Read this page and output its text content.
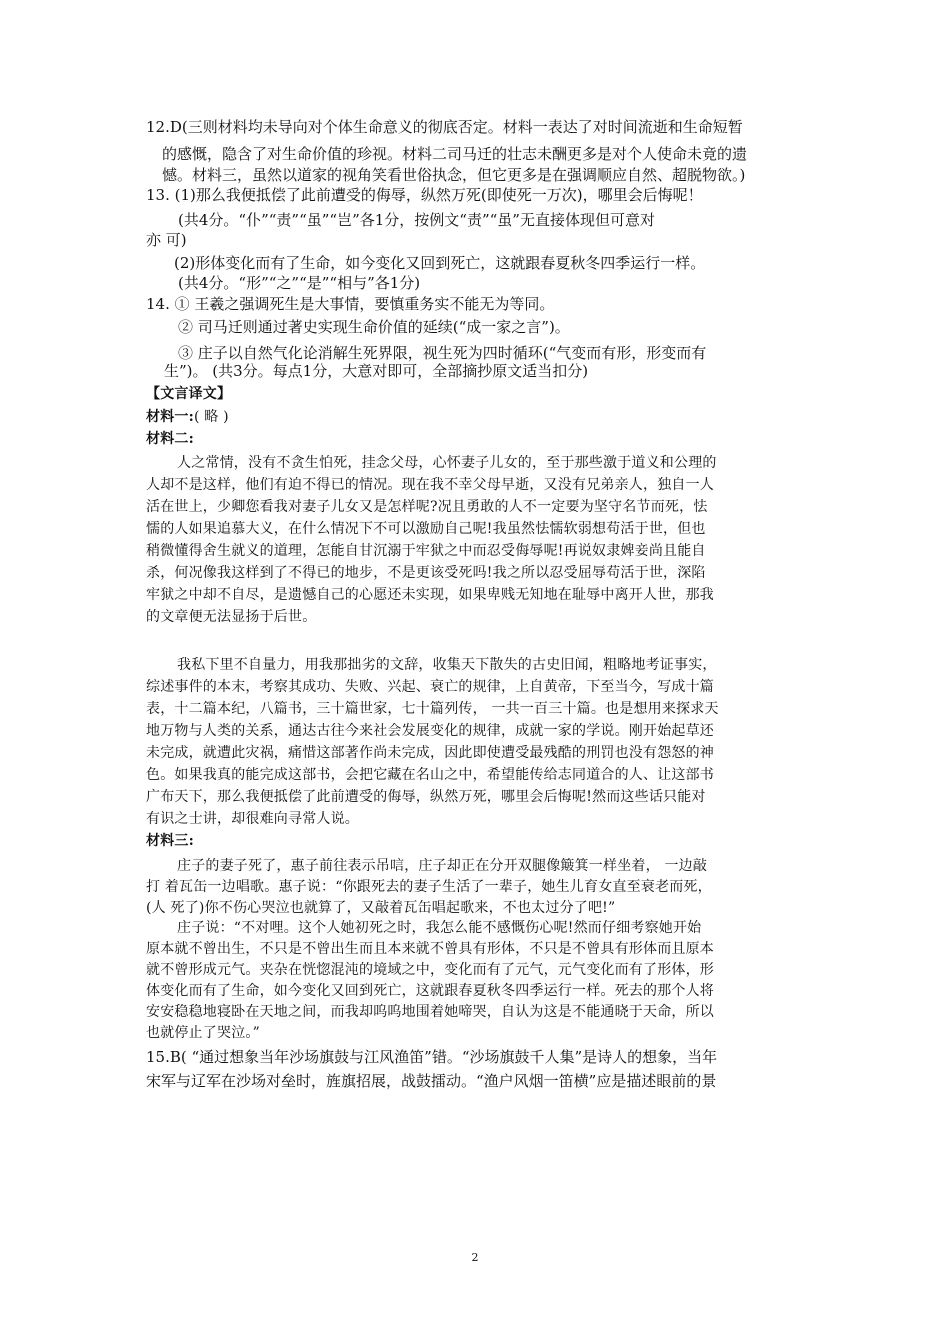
12.D(三则材料均未导向对个体生命意义的彻底否定。材料一表达了对时间流逝和生命短暂
的感慨，隐含了对生命价值的珍视。材料二司马迁的壮志未酬更多是对个人使命未竟的遗
憾。材料三，虽然以道家的视角笑看世俗执念，但它更多是在强调顺应自然、超脱物欲。)
13. (1)那么我便抵偿了此前遭受的侮辱，纵然万死(即使死一万次)，哪里会后悔呢！
(共4分。“仆”“责”“虽”“岂”各1分，按例文“责”“虽”无直接体现但可意对
亦 可)
(2)形体变化而有了生命，如今变化又回到死亡，这就跟春夏秋冬四季运行一样。
(共4分。“形”“之”“是”“相与”各1分)
14. ① 王羲之强调死生是大事情，要慎重务实不能无为等同。
② 司马迁则通过著史实现生命价值的延续(“成一家之言”)。
③ 庄子以自然气化论消解生死界限，视生死为四时循环(“气变而有形，形变而有
生”)。 (共3分。每点1分，大意对即可，全部摘抄原文适当扣分)
【文言译文】
材料一:( 略 )
材料二:
人之常情，没有不贪生怕死，挂念父母，心怀妻子儿女的，至于那些激于道义和公理的
人却不是这样，他们有迫不得已的情况。现在我不幸父母早逝，又没有兄弟亲人，独自一人
活在世上，少卿您看我对妻子儿女又是怎样呢?况且勇敢的人不一定要为坚守名节而死，怯
懦的人如果追慕大义，在什么情况下不可以激励自己呢!我虽然怯懦软弱想苟活于世，但也
稍微懂得舍生就义的道理，怎能自甘沉溺于牢狱之中而忍受侮辱呢!再说奴隶婢妾尚且能自
杀，何况像我这样到了不得已的地步，不是更该受死吗!我之所以忍受屈辱苟活于世，深陷
牢狱之中却不自尽，是遗憾自己的心愿还未实现，如果卑贱无知地在耻辱中离开人世，那我
的文章便无法显扬于后世。
我私下里不自量力，用我那拙劣的文辞，收集天下散失的古史旧闻，粗略地考证事实，
综述事件的本末，考察其成功、失败、兴起、衰亡的规律，上自黄帝，下至当今，写成十篇
表，十二篇本纪，八篇书，三十篇世家，七十篇列传， 一共一百三十篇。也是想用来探求天
地万物与人类的关系，通达古往今来社会发展变化的规律，成就一家的学说。刚开始起草还
未完成，就遭此灾祸，痛惜这部著作尚未完成，因此即使遭受最残酷的刑罚也没有怨怒的神
色。如果我真的能完成这部书，会把它藏在名山之中，希望能传给志同道合的人、让这部书
广布天下，那么我便抵偿了此前遭受的侮辱，纵然万死，哪里会后悔呢!然而这些话只能对
有识之士讲，却很难向寻常人说。
材料三:
庄子的妻子死了，惠子前往表示吊唁，庄子却正在分开双腿像簸箕一样坐着， 一边敲
打 着瓦缶一边唱歌。惠子说：“你跟死去的妻子生活了一辈子，她生儿育女直至衰老而死，
(人 死了)你不伤心哭泣也就算了，又敲着瓦缶唱起歌来，不也太过分了吧!”
庄子说：“不对哩。这个人她初死之时，我怎么能不感慨伤心呢!然而仔细考察她开始
原本就不曾出生，不只是不曾出生而且本来就不曾具有形体，不只是不曾具有形体而且原本
就不曾形成元气。夹杂在恍惚混沌的境域之中，变化而有了元气，元气变化而有了形体，形
体变化而有了生命，如今变化又回到死亡，这就跟春夏秋冬四季运行一样。死去的那个人将
安安稳稳地寝卧在天地之间，而我却呜呜地围着她啼哭，自认为这是不能通晓于天命，所以
也就停止了哭泣。”
15.B( “通过想象当年沙场旗鼓与江风渔笛”错。“沙场旗鼓千人集”是诗人的想象，当年
宋军与辽军在沙场对垒时，旌旗招展，战鼓擂动。“渔户风烟一笛横”应是描述眼前的景
2
